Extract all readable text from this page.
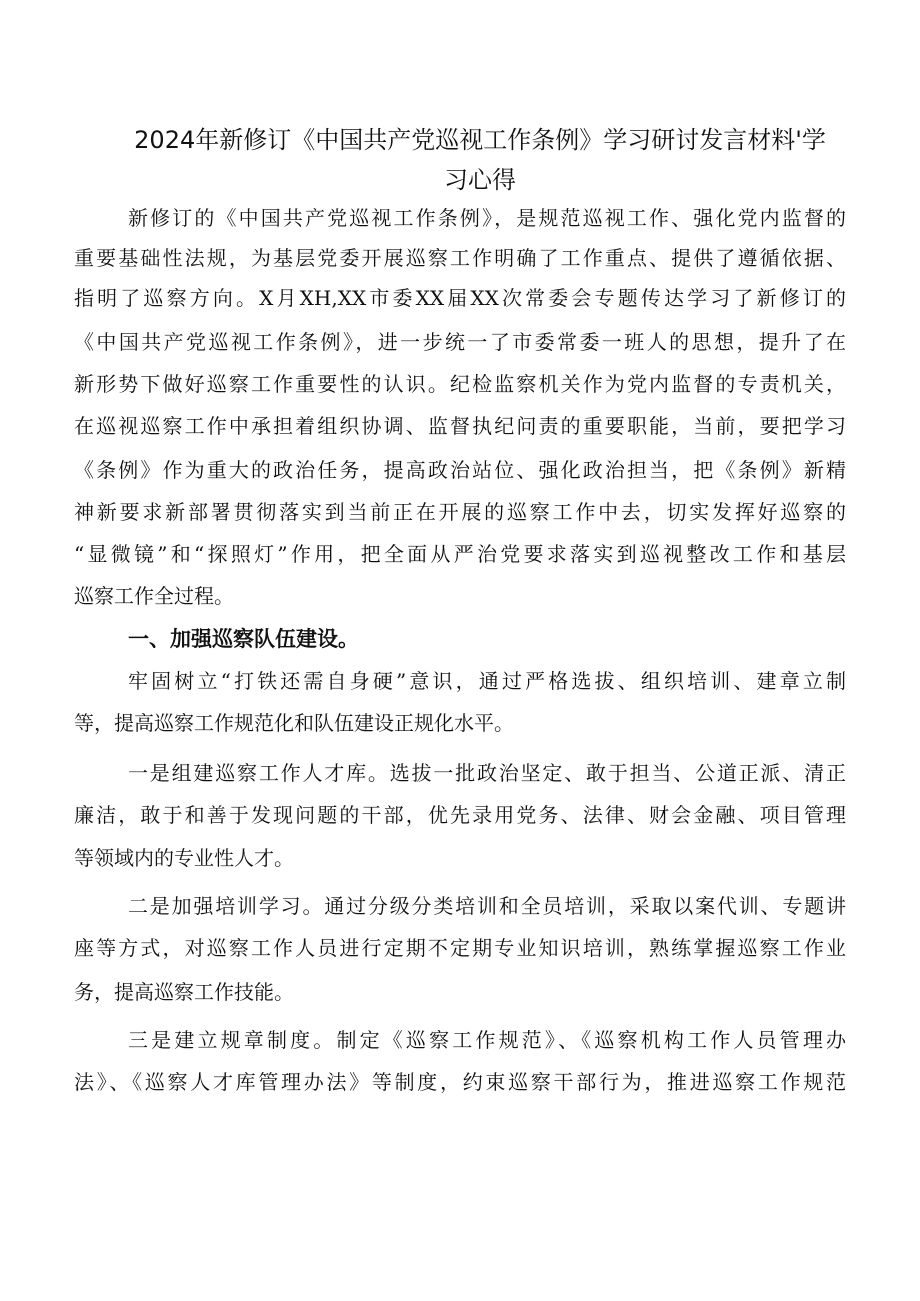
2024年新修订《中国共产党巡视工作条例》学习研讨发言材料'学
习心得
新修订的《中国共产党巡视工作条例》，是规范巡视工作、强化党内监督的
重要基础性法规，为基层党委开展巡察工作明确了工作重点、提供了遵循依据、
指明了巡察方向。X月XH,XX市委XX届XX次常委会专题传达学习了新修订的
《中国共产党巡视工作条例》，进一步统一了市委常委一班人的思想，提升了在
新形势下做好巡察工作重要性的认识。纪检监察机关作为党内监督的专责机关，
在巡视巡察工作中承担着组织协调、监督执纪问责的重要职能，当前，要把学习
《条例》作为重大的政治任务，提高政治站位、强化政治担当，把《条例》新精
神新要求新部署贯彻落实到当前正在开展的巡察工作中去，切实发挥好巡察的
“显微镜”和“探照灯”作用，把全面从严治党要求落实到巡视整改工作和基层
巡察工作全过程。
一、加强巡察队伍建设。
牢固树立“打铁还需自身硬”意识，通过严格选拔、组织培训、建章立制
等，提高巡察工作规范化和队伍建设正规化水平。
一是组建巡察工作人才库。选拔一批政治坚定、敢于担当、公道正派、清正
廉洁，敢于和善于发现问题的干部，优先录用党务、法律、财会金融、项目管理
等领域内的专业性人才。
二是加强培训学习。通过分级分类培训和全员培训，采取以案代训、专题讲
座等方式，对巡察工作人员进行定期不定期专业知识培训，熟练掌握巡察工作业
务，提高巡察工作技能。
三是建立规章制度。制定《巡察工作规范》、《巡察机构工作人员管理办
法》、《巡察人才库管理办法》等制度，约束巡察干部行为，推进巡察工作规范
